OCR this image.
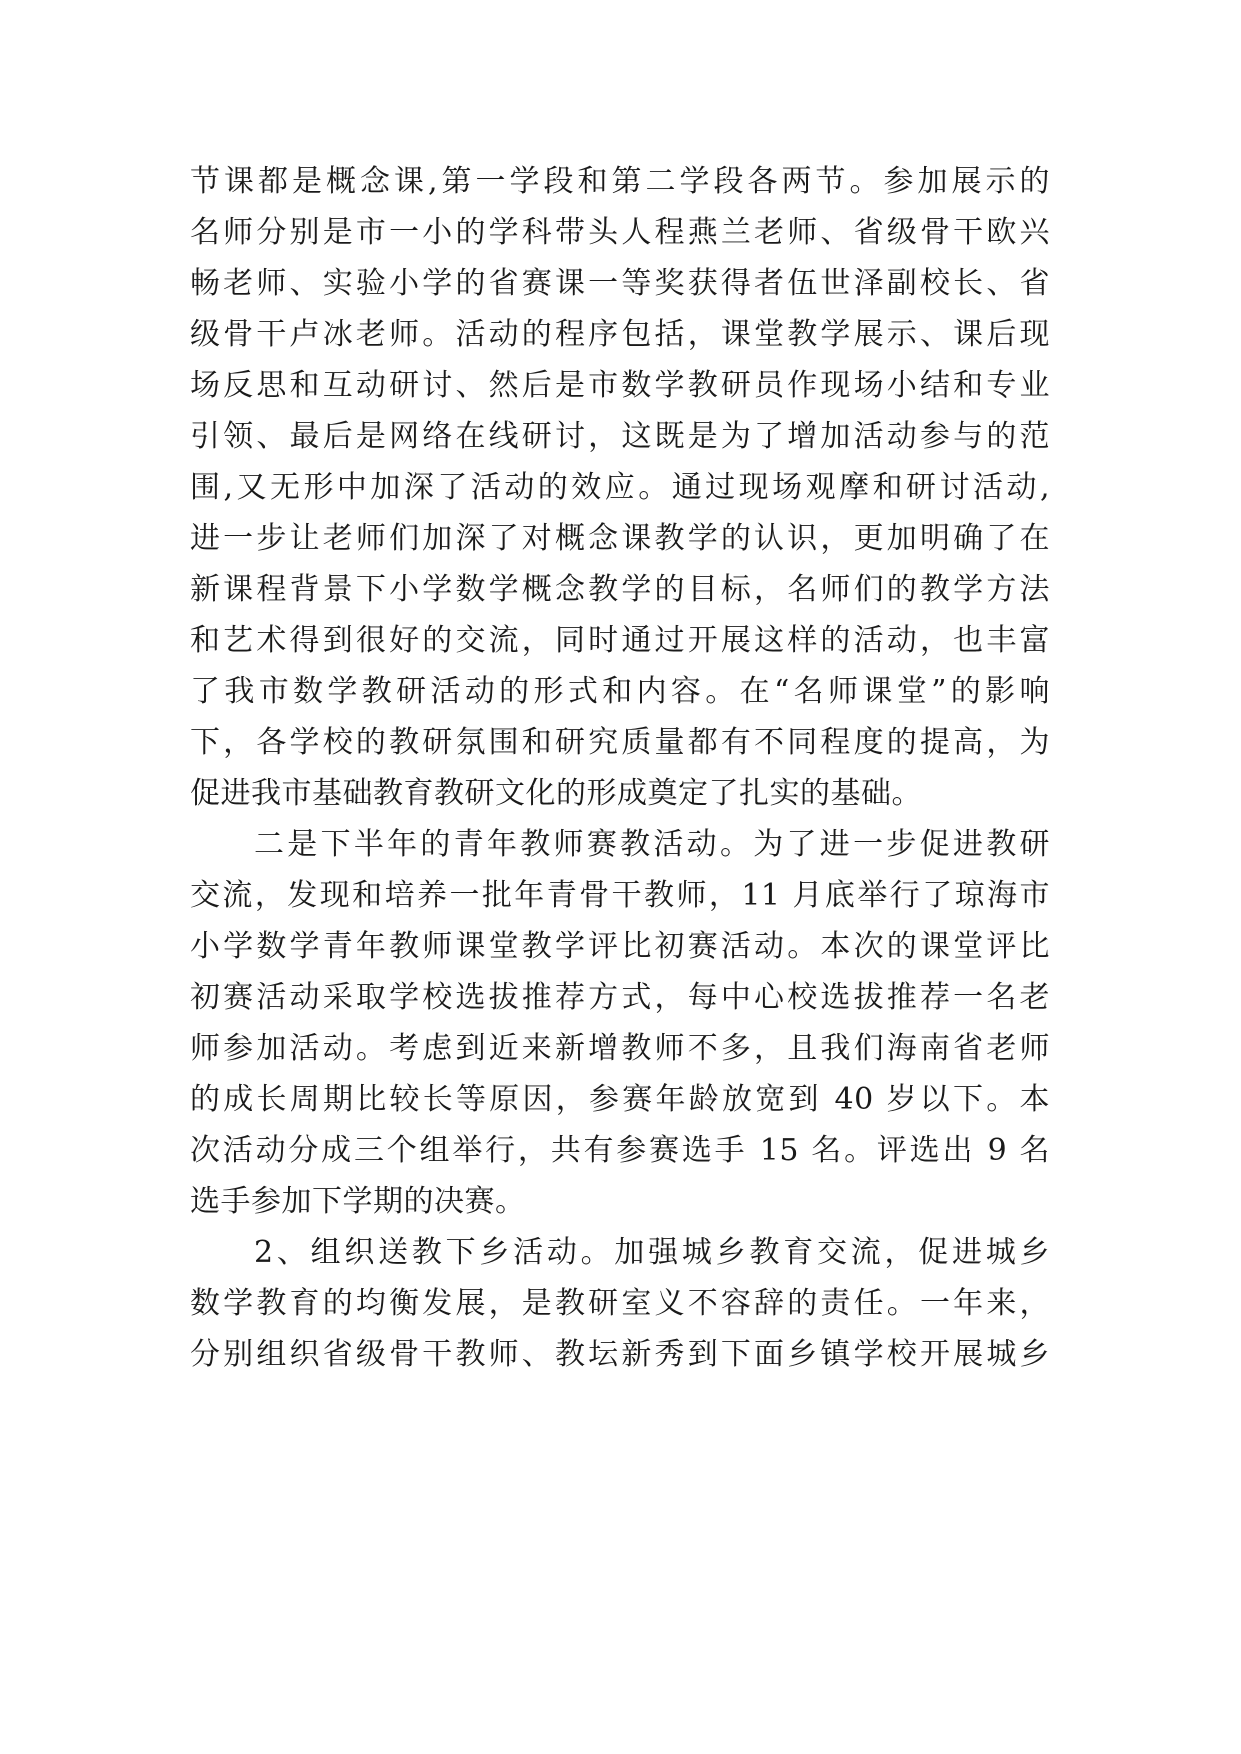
节课都是概念课,第一学段和第二学段各两节。参加展示的
名师分别是市一小的学科带头人程燕兰老师、省级骨干欧兴
畅老师、实验小学的省赛课一等奖获得者伍世泽副校长、省
级骨干卢冰老师。活动的程序包括，课堂教学展示、课后现
场反思和互动研讨、然后是市数学教研员作现场小结和专业
引领、最后是网络在线研讨，这既是为了增加活动参与的范
围,又无形中加深了活动的效应。通过现场观摩和研讨活动,
进一步让老师们加深了对概念课教学的认识，更加明确了在
新课程背景下小学数学概念教学的目标，名师们的教学方法
和艺术得到很好的交流，同时通过开展这样的活动，也丰富
了我市数学教研活动的形式和内容。在“名师课堂”的影响
下，各学校的教研氛围和研究质量都有不同程度的提高，为
促进我市基础教育教研文化的形成奠定了扎实的基础。
二是下半年的青年教师赛教活动。为了进一步促进教研
交流，发现和培养一批年青骨干教师，11 月底举行了琼海市
小学数学青年教师课堂教学评比初赛活动。本次的课堂评比
初赛活动采取学校选拔推荐方式，每中心校选拔推荐一名老
师参加活动。考虑到近来新增教师不多，且我们海南省老师
的成长周期比较长等原因，参赛年龄放宽到 40 岁以下。本
次活动分成三个组举行，共有参赛选手 15 名。评选出 9 名
选手参加下学期的决赛。
2、组织送教下乡活动。加强城乡教育交流，促进城乡
数学教育的均衡发展，是教研室义不容辞的责任。一年来，
分别组织省级骨干教师、教坛新秀到下面乡镇学校开展城乡
